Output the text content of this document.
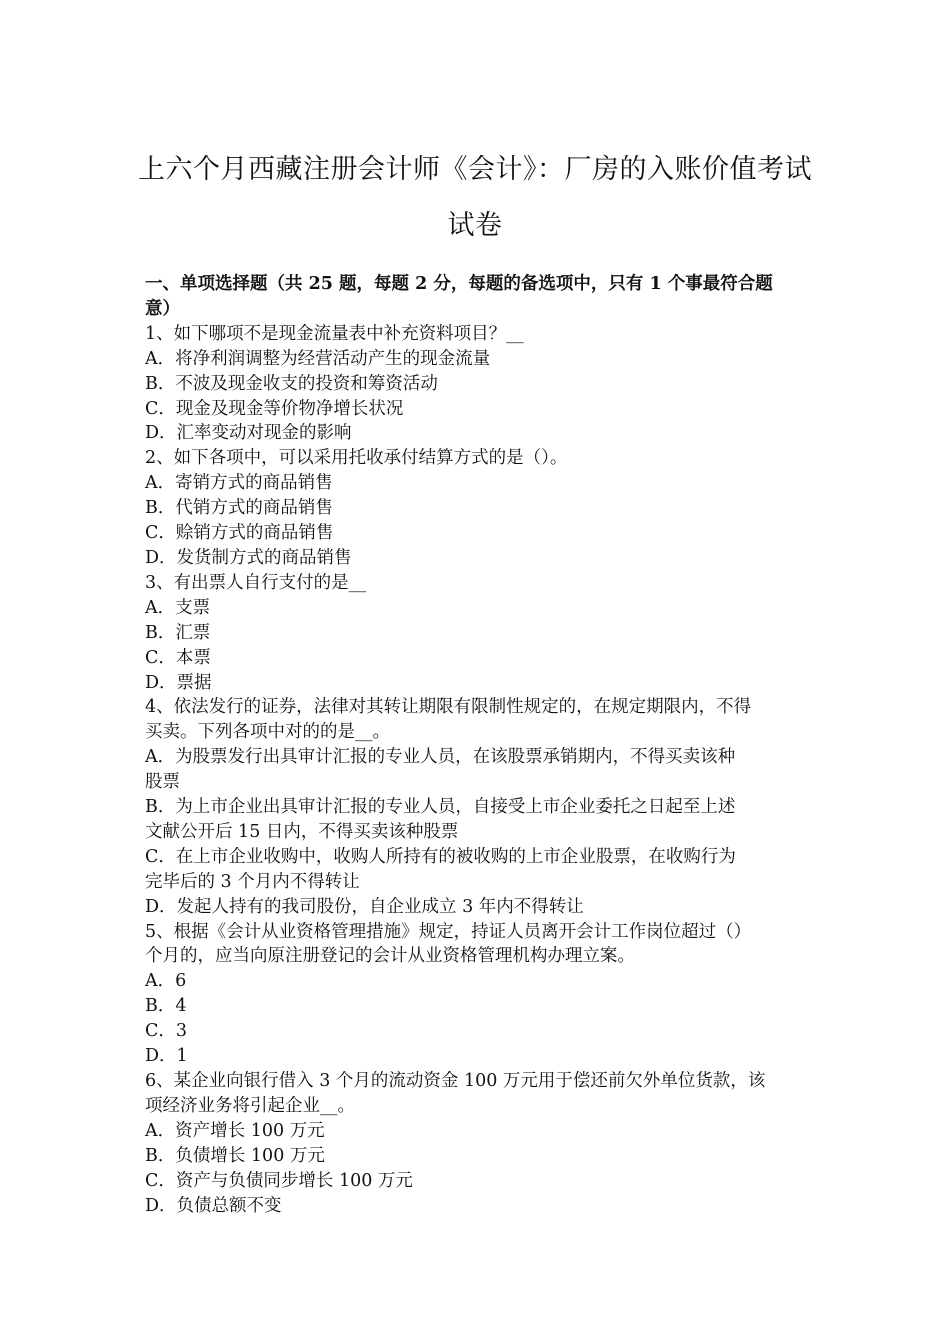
上六个月西藏注册会计师《会计》：厂房的入账价值考试
试卷
一、单项选择题（共 25 题，每题 2 分，每题的备选项中，只有 1 个事最符合题
意）
1、如下哪项不是现金流量表中补充资料项目？__
A．将净利润调整为经营活动产生的现金流量
B．不波及现金收支的投资和筹资活动
C．现金及现金等价物净增长状况
D．汇率变动对现金的影响
2、如下各项中，可以采用托收承付结算方式的是（）。
A．寄销方式的商品销售
B．代销方式的商品销售
C．赊销方式的商品销售
D．发货制方式的商品销售
3、有出票人自行支付的是__
A．支票
B．汇票
C．本票
D．票据
4、依法发行的证券，法律对其转让期限有限制性规定的，在规定期限内，不得
买卖。下列各项中对的的是__。
A．为股票发行出具审计汇报的专业人员，在该股票承销期内，不得买卖该种
股票
B．为上市企业出具审计汇报的专业人员，自接受上市企业委托之日起至上述
文献公开后 15 日内，不得买卖该种股票
C．在上市企业收购中，收购人所持有的被收购的上市企业股票，在收购行为
完毕后的 3 个月内不得转让
D．发起人持有的我司股份，自企业成立 3 年内不得转让
5、根据《会计从业资格管理措施》规定，持证人员离开会计工作岗位超过（）
个月的，应当向原注册登记的会计从业资格管理机构办理立案。
A．6
B．4
C．3
D．1
6、某企业向银行借入 3 个月的流动资金 100 万元用于偿还前欠外单位货款，该
项经济业务将引起企业__。
A．资产增长 100 万元
B．负债增长 100 万元
C．资产与负债同步增长 100 万元
D．负债总额不变
